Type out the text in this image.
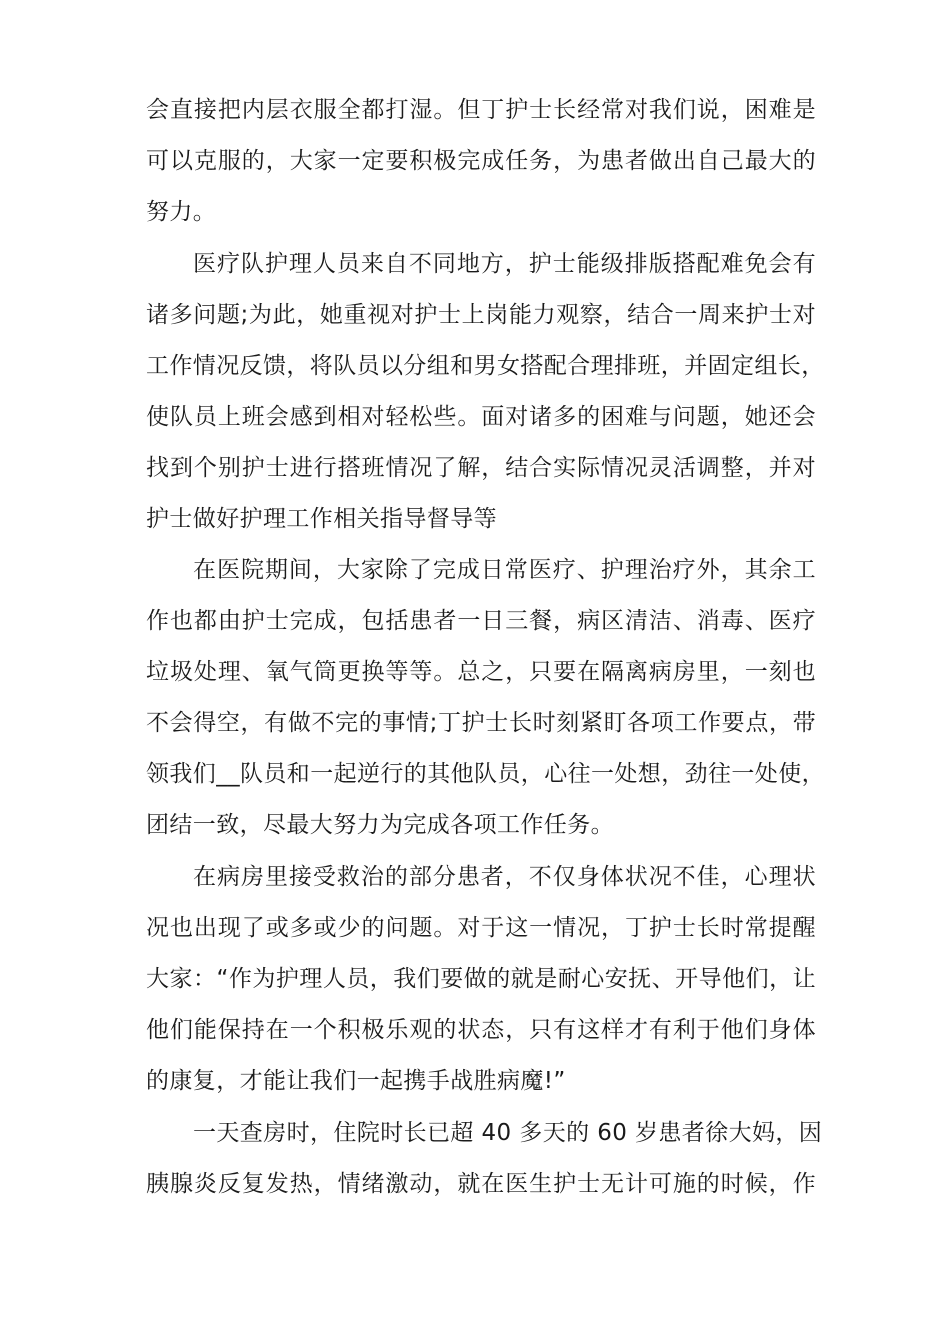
会直接把内层衣服全都打湿。但丁护士长经常对我们说，困难是

可以克服的，大家一定要积极完成任务，为患者做出自己最大的

努力。

医疗队护理人员来自不同地方，护士能级排版搭配难免会有

诸多问题;为此，她重视对护士上岗能力观察，结合一周来护士对

工作情况反馈，将队员以分组和男女搭配合理排班，并固定组长，

使队员上班会感到相对轻松些。面对诸多的困难与问题，她还会

找到个别护士进行搭班情况了解，结合实际情况灵活调整，并对

护士做好护理工作相关指导督导等

在医院期间，大家除了完成日常医疗、护理治疗外，其余工

作也都由护士完成，包括患者一日三餐，病区清洁、消毒、医疗

垃圾处理、氧气筒更换等等。总之，只要在隔离病房里，一刻也

不会得空，有做不完的事情;丁护士长时刻紧盯各项工作要点，带

领我们__队员和一起逆行的其他队员，心往一处想，劲往一处使，

团结一致，尽最大努力为完成各项工作任务。

在病房里接受救治的部分患者，不仅身体状况不佳，心理状

况也出现了或多或少的问题。对于这一情况，丁护士长时常提醒

大家：“作为护理人员，我们要做的就是耐心安抚、开导他们，让

他们能保持在一个积极乐观的状态，只有这样才有利于他们身体

的康复，才能让我们一起携手战胜病魔!”

一天查房时，住院时长已超 40 多天的 60 岁患者徐大妈，因

胰腺炎反复发热，情绪激动，就在医生护士无计可施的时候，作
